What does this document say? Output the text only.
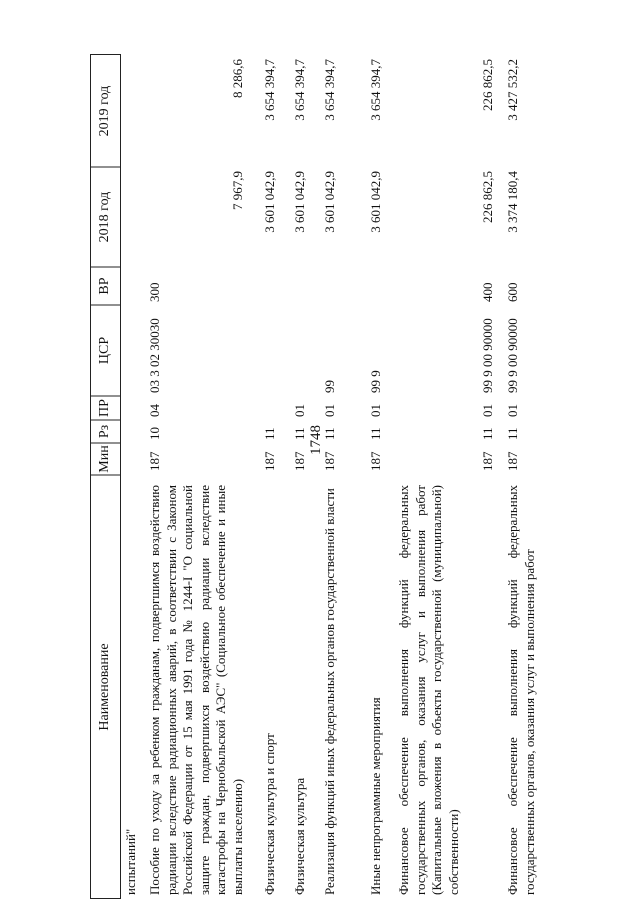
1748
Наименование
Мин
Рз
ПР
ЦСР
ВР
2018 год
2019 год
испытаний" Пособие по уходу за ребенком гражданам, подвергшимся воздействию радиации вследствие радиационных аварий, в соответствии с Законом Российской Федерации от 15 мая 1991 года № 1244-I "О социальной защите граждан, подвергшихся воздействию радиации вследствие катастрофы на Чернобыльской АЭС" (Социальное обеспечение и иные выплаты населению)
187
10
04
03 3 02 30030
300
7 967,9
8 286,6
Физическая культура и спорт
187
11
3 601 042,9
3 654 394,7
Физическая культура
187
11
01
3 601 042,9
3 654 394,7
Реализация функций иных федеральных органов государственной власти
187
11
01
99
3 601 042,9
3 654 394,7
Иные непрограммные мероприятия
187
11
01
99 9
3 601 042,9
3 654 394,7
Финансовое обеспечение выполнения функций федеральных государственных органов, оказания услуг и выполнения работ (Капитальные вложения в объекты государственной (муниципальной) собственности)
187
11
01
99 9 00 90000
400
226 862,5
226 862,5
Финансовое обеспечение выполнения функций федеральных государственных органов, оказания услуг и выполнения работ
187
11
01
99 9 00 90000
600
3 374 180,4
3 427 532,2
